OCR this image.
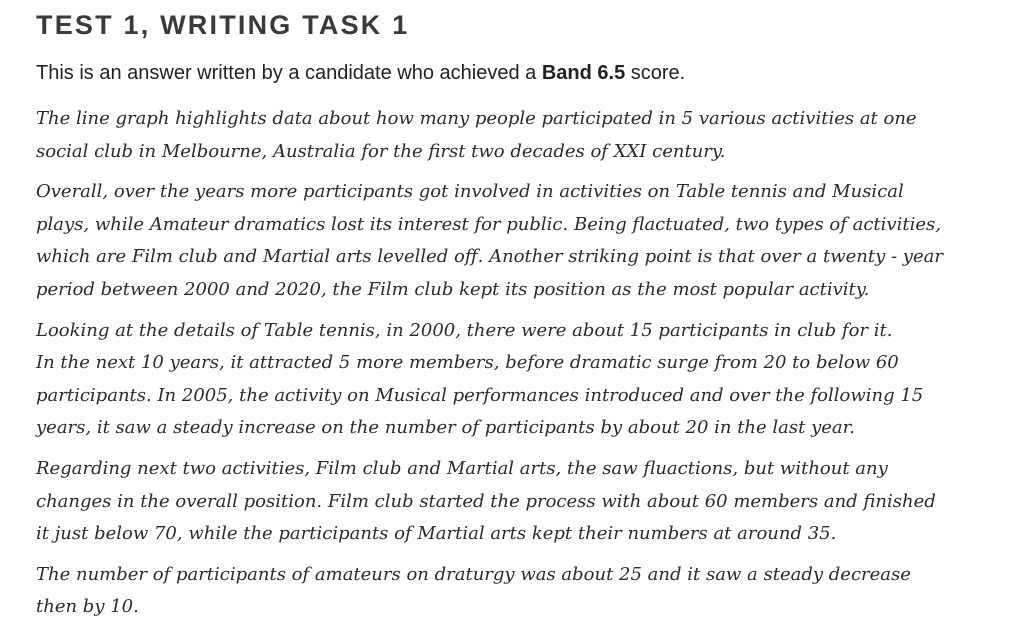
TEST 1, WRITING TASK 1

This is an answer written by a candidate who achieved a Band 6.5 score.

The line graph highlights data about how many people participated in 5 various activities at one
social club in Melbourne, Australia for the first two decades of XXI century.
Overall, over the years more participants got involved in activities on Table tennis and Musical
plays, while Amateur dramatics lost its interest for public. Being flactuated, two types of activities,
which are Film club and Martial arts levelled off. Another striking point is that over a twenty - year
period between 2000 and 2020, the Film club kept its position as the most popular activity.
Looking at the details of Table tennis, in 2000, there were about 15 participants in club for it.
In the next 10 years, it attracted 5 more members, before dramatic surge from 20 to below 60
participants. In 2005, the activity on Musical performances introduced and over the following 15
years, it saw a steady increase on the number of participants by about 20 in the last year.
Regarding next two activities, Film club and Martial arts, the saw fluactions, but without any
changes in the overall position. Film club started the process with about 60 members and finished
it just below 70, while the participants of Martial arts kept their numbers at around 35.
The number of participants of amateurs on draturgy was about 25 and it saw a steady decrease
then by 10.
